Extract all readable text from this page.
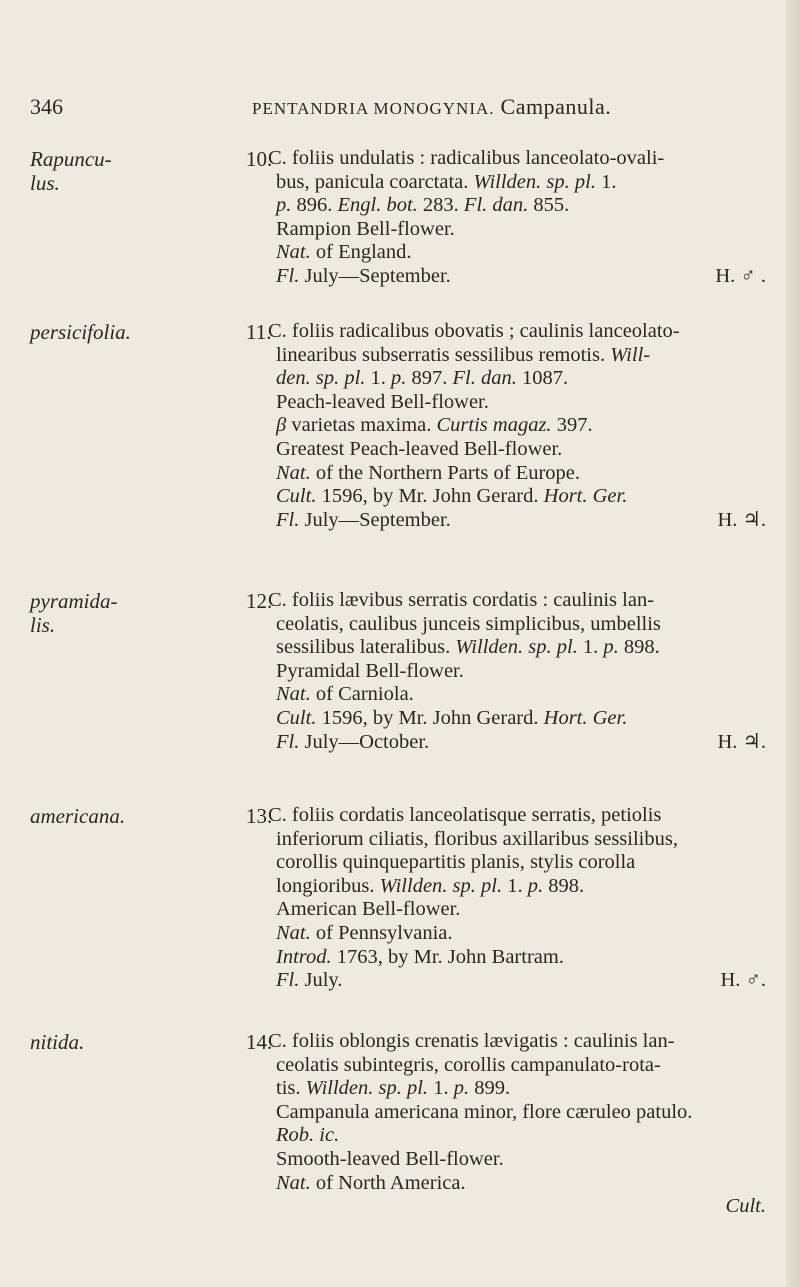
346	PENTANDRIA MONOGYNIA. Campanula.
Rapuncu-
lus.
10.
C. foliis undulatis : radicalibus lanceolato-ovali-
bus, panicula coarctata. Willden. sp. pl. 1.
p. 896. Engl. bot. 283. Fl. dan. 855.
Rampion Bell-flower.
Nat. of England.
Fl. July—September.	H. ♂ .
persicifolia.	11.
C. foliis radicalibus obovatis ; caulinis lanceolato-
linearibus subserratis sessilibus remotis. Will-
den. sp. pl. 1. p. 897. Fl. dan. 1087.
Peach-leaved Bell-flower.
β varietas maxima. Curtis magaz. 397.
Greatest Peach-leaved Bell-flower.
Nat. of the Northern Parts of Europe.
Cult. 1596, by Mr. John Gerard. Hort. Ger.
Fl. July—September.	H. ♃.
pyramida-
lis.
12.
C. foliis lævibus serratis cordatis : caulinis lan-
ceolatis, caulibus junceis simplicibus, umbellis
sessilibus lateralibus. Willden. sp. pl. 1. p. 898.
Pyramidal Bell-flower.
Nat. of Carniola.
Cult. 1596, by Mr. John Gerard. Hort. Ger.
Fl. July—October.	H. ♃.
americana.	13.
C. foliis cordatis lanceolatisque serratis, petiolis
inferiorum ciliatis, floribus axillaribus sessilibus,
corollis quinquepartitis planis, stylis corolla
longioribus. Willden. sp. pl. 1. p. 898.
American Bell-flower.
Nat. of Pennsylvania.
Introd. 1763, by Mr. John Bartram.
Fl. July.	H. ♂.
nitida.	14.
C. foliis oblongis crenatis lævigatis : caulinis lan-
ceolatis subintegris, corollis campanulato-rota-
tis. Willden. sp. pl. 1. p. 899.
Campanula americana minor, flore cæruleo patulo.
Rob. ic.
Smooth-leaved Bell-flower.
Nat. of North America.
Cult.
